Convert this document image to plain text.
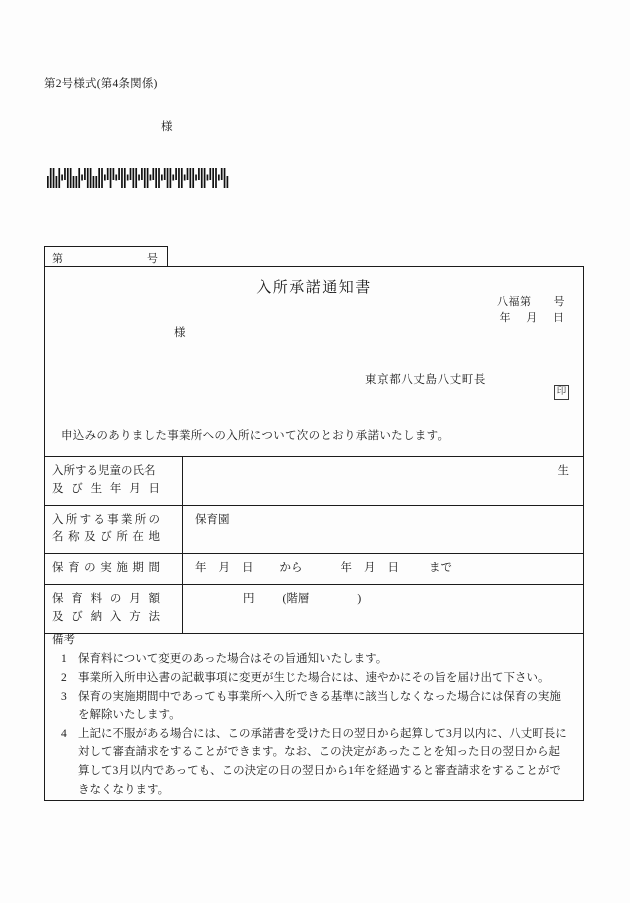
第2号様式(第4条関係)
様
第	号
入所承諾通知書
八福第 号
年 月 日
様
東京都八丈島八丈町長
印
申込みのありました事業所への入所について次のとおり承諾いたします。
入所する児童の氏名
及 び 生 年 月 日	生

入所する事業所の
名 称 及 び 所 在 地	保育園

保 育 の 実 施 期 間	年 月 日 から 年 月 日 まで

保 育 料 の 月 額
及 び 納 入 方 法	円 (階層 )
備考
1 保育料について変更のあった場合はその旨通知いたします。
2 事業所入所申込書の記載事項に変更が生じた場合には、速やかにその旨を届け出て下さい。
3 保育の実施期間中であっても事業所へ入所できる基準に該当しなくなった場合には保育の実施を解除いたします。
4 上記に不服がある場合には、この承諾書を受けた日の翌日から起算して3月以内に、八丈町長に対して審査請求をすることができます。なお、この決定があったことを知った日の翌日から起算して3月以内であっても、この決定の日の翌日から1年を経過すると審査請求をすることができなくなります。
